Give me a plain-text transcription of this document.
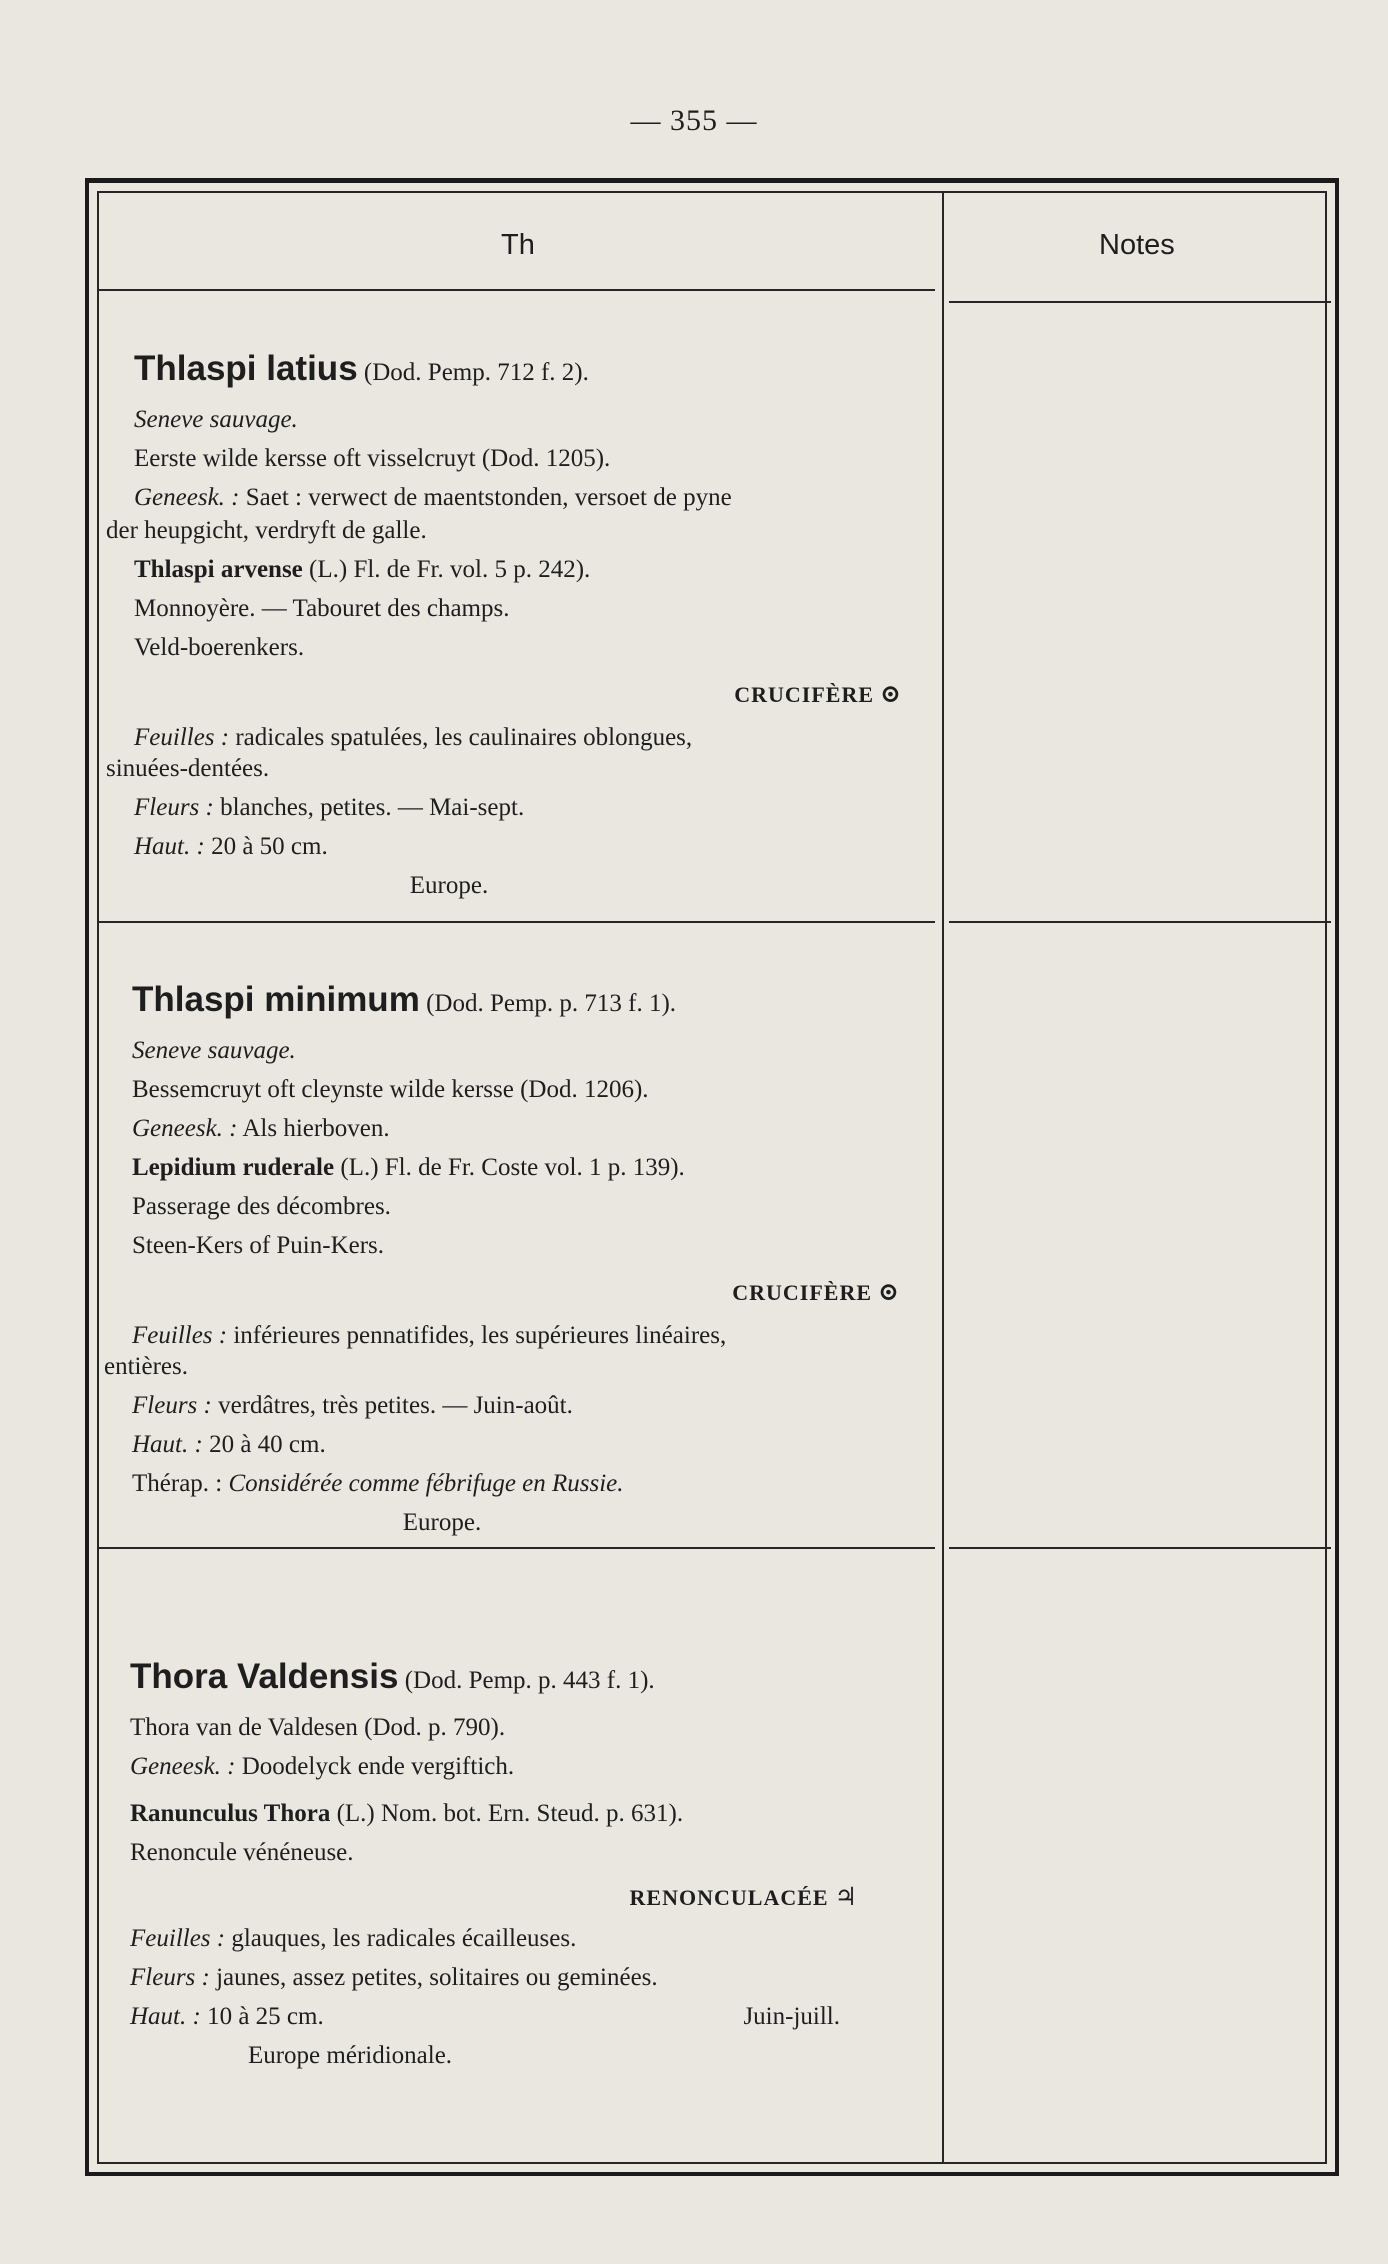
— 355 —
Th	Notes

Thlaspi latius (Dod. Pemp. 712 f. 2).

Seneve sauvage.

Eerste wilde kersse oft visselcruyt (Dod. 1205).

Geneesk. : Saet : verwect de maentstonden, versoet de pyne

der heupgicht, verdryft de galle.

Thlaspi arvense (L.) Fl. de Fr. vol. 5 p. 242).

Monnoyère. — Tabouret des champs.

Veld-boerenkers.

CRUCIFÈRE ⊙

Feuilles : radicales spatulées, les caulinaires oblongues,

sinuées-dentées.

Fleurs : blanches, petites. — Mai-sept.

Haut. : 20 à 50 cm.

Europe.

Thlaspi minimum (Dod. Pemp. p. 713 f. 1).

Seneve sauvage.

Bessemcruyt oft cleynste wilde kersse (Dod. 1206).

Geneesk. : Als hierboven.

Lepidium ruderale (L.) Fl. de Fr. Coste vol. 1 p. 139).

Passerage des décombres.

Steen-Kers of Puin-Kers.

CRUCIFÈRE ⊙

Feuilles : inférieures pennatifides, les supérieures linéaires,

entières.

Fleurs : verdâtres, très petites. — Juin-août.

Haut. : 20 à 40 cm.

Thérap. : Considérée comme fébrifuge en Russie.

Europe.

Thora Valdensis (Dod. Pemp. p. 443 f. 1).

Thora van de Valdesen (Dod. p. 790).

Geneesk. : Doodelyck ende vergiftich.

Ranunculus Thora (L.) Nom. bot. Ern. Steud. p. 631).

Renoncule vénéneuse.

RENONCULACÉE ♃

Feuilles : glauques, les radicales écailleuses.

Fleurs : jaunes, assez petites, solitaires ou geminées.

Haut. : 10 à 25 cm.	Juin-juill.

Europe méridionale.
